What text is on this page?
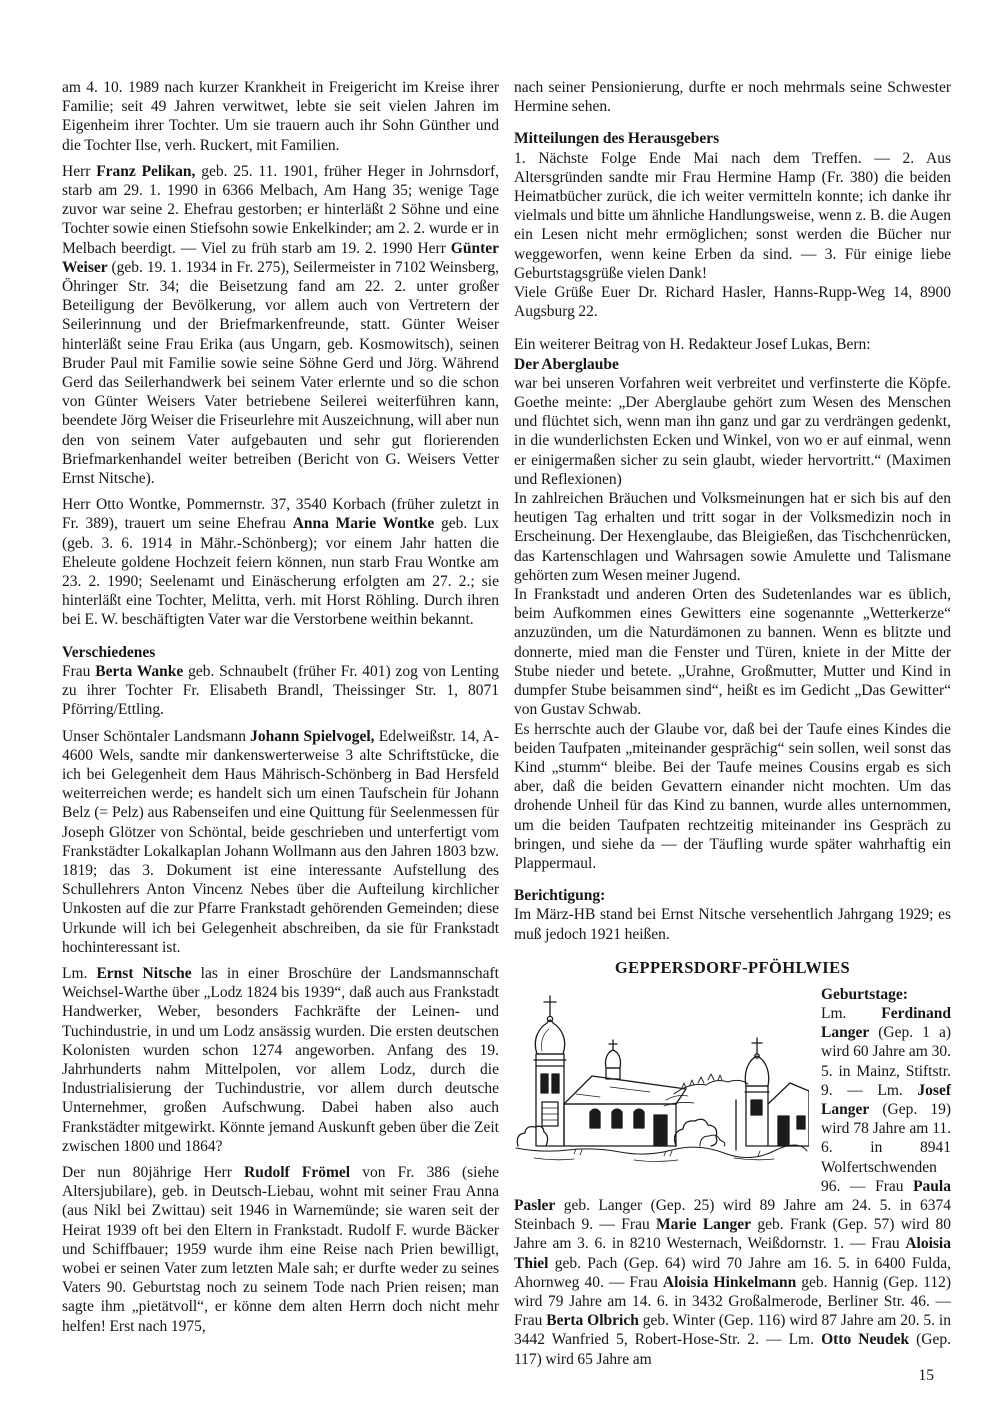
am 4. 10. 1989 nach kurzer Krankheit in Freigericht im Kreise ihrer Familie; seit 49 Jahren verwitwet, lebte sie seit vielen Jahren im Eigenheim ihrer Tochter. Um sie trauern auch ihr Sohn Günther und die Tochter Ilse, verh. Ruckert, mit Familien.

Herr Franz Pelikan, geb. 25. 11. 1901, früher Heger in Johrnsdorf, starb am 29. 1. 1990 in 6366 Melbach, Am Hang 35; wenige Tage zuvor war seine 2. Ehefrau gestorben; er hinterläßt 2 Söhne und eine Tochter sowie einen Stiefsohn sowie Enkelkinder; am 2. 2. wurde er in Melbach beerdigt. — Viel zu früh starb am 19. 2. 1990 Herr Günter Weiser (geb. 19. 1. 1934 in Fr. 275), Seilermeister in 7102 Weinsberg, Öhringer Str. 34; die Beisetzung fand am 22. 2. unter großer Beteiligung der Bevölkerung, vor allem auch von Vertretern der Seilerinnung und der Briefmarkenfreunde, statt. Günter Weiser hinterläßt seine Frau Erika (aus Ungarn, geb. Kosmowitsch), seinen Bruder Paul mit Familie sowie seine Söhne Gerd und Jörg. Während Gerd das Seilerhandwerk bei seinem Vater erlernte und so die schon von Günter Weisers Vater betriebene Seilerei weiterführen kann, beendete Jörg Weiser die Friseurlehre mit Auszeichnung, will aber nun den von seinem Vater aufgebauten und sehr gut florierenden Briefmarkenhandel weiter betreiben (Bericht von G. Weisers Vetter Ernst Nitsche).

Herr Otto Wontke, Pommernstr. 37, 3540 Korbach (früher zuletzt in Fr. 389), trauert um seine Ehefrau Anna Marie Wontke geb. Lux (geb. 3. 6. 1914 in Mähr.-Schönberg); vor einem Jahr hatten die Eheleute goldene Hochzeit feiern können, nun starb Frau Wontke am 23. 2. 1990; Seelenamt und Einäscherung erfolgten am 27. 2.; sie hinterläßt eine Tochter, Melitta, verh. mit Horst Röhling. Durch ihren bei E. W. beschäftigten Vater war die Verstorbene weithin bekannt.

Verschiedenes

Frau Berta Wanke geb. Schnaubelt (früher Fr. 401) zog von Lenting zu ihrer Tochter Fr. Elisabeth Brandl, Theissinger Str. 1, 8071 Pförring/Ettling.

Unser Schöntaler Landsmann Johann Spielvogel, Edelweißstr. 14, A-4600 Wels, sandte mir dankenswerterweise 3 alte Schriftstücke, die ich bei Gelegenheit dem Haus Mährisch-Schönberg in Bad Hersfeld weiterreichen werde; es handelt sich um einen Taufschein für Johann Belz (= Pelz) aus Rabenseifen und eine Quittung für Seelenmessen für Joseph Glötzer von Schöntal, beide geschrieben und unterfertigt vom Frankstädter Lokalkaplan Johann Wollmann aus den Jahren 1803 bzw. 1819; das 3. Dokument ist eine interessante Aufstellung des Schullehrers Anton Vincenz Nebes über die Aufteilung kirchlicher Unkosten auf die zur Pfarre Frankstadt gehörenden Gemeinden; diese Urkunde will ich bei Gelegenheit abschreiben, da sie für Frankstadt hochinteressant ist.

Lm. Ernst Nitsche las in einer Broschüre der Landsmannschaft Weichsel-Warthe über „Lodz 1824 bis 1939“, daß auch aus Frankstadt Handwerker, Weber, besonders Fachkräfte der Leinen- und Tuchindustrie, in und um Lodz ansässig wurden. Die ersten deutschen Kolonisten wurden schon 1274 angeworben. Anfang des 19. Jahrhunderts nahm Mittelpolen, vor allem Lodz, durch die Industrialisierung der Tuchindustrie, vor allem durch deutsche Unternehmer, großen Aufschwung. Dabei haben also auch Frankstädter mitgewirkt. Könnte jemand Auskunft geben über die Zeit zwischen 1800 und 1864?

Der nun 80jährige Herr Rudolf Frömel von Fr. 386 (siehe Altersjubilare), geb. in Deutsch-Liebau, wohnt mit seiner Frau Anna (aus Nikl bei Zwittau) seit 1946 in Warnemünde; sie waren seit der Heirat 1939 oft bei den Eltern in Frankstadt. Rudolf F. wurde Bäcker und Schiffbauer; 1959 wurde ihm eine Reise nach Prien bewilligt, wobei er seinen Vater zum letzten Male sah; er durfte weder zu seines Vaters 90. Geburtstag noch zu seinem Tode nach Prien reisen; man sagte ihm „pietätvoll“, er könne dem alten Herrn doch nicht mehr helfen! Erst nach 1975,

nach seiner Pensionierung, durfte er noch mehrmals seine Schwester Hermine sehen.

Mitteilungen des Herausgebers

1. Nächste Folge Ende Mai nach dem Treffen. — 2. Aus Altersgründen sandte mir Frau Hermine Hamp (Fr. 380) die beiden Heimatbücher zurück, die ich weiter vermitteln konnte; ich danke ihr vielmals und bitte um ähnliche Handlungsweise, wenn z. B. die Augen ein Lesen nicht mehr ermöglichen; sonst werden die Bücher nur weggeworfen, wenn keine Erben da sind. — 3. Für einige liebe Geburtstagsgrüße vielen Dank!

Viele Grüße Euer Dr. Richard Hasler, Hanns-Rupp-Weg 14, 8900 Augsburg 22.

Ein weiterer Beitrag von H. Redakteur Josef Lukas, Bern:

Der Aberglaube

war bei unseren Vorfahren weit verbreitet und verfinsterte die Köpfe. Goethe meinte: „Der Aberglaube gehört zum Wesen des Menschen und flüchtet sich, wenn man ihn ganz und gar zu verdrängen gedenkt, in die wunderlichsten Ecken und Winkel, von wo er auf einmal, wenn er einigermaßen sicher zu sein glaubt, wieder hervortritt.“ (Maximen und Reflexionen)

In zahlreichen Bräuchen und Volksmeinungen hat er sich bis auf den heutigen Tag erhalten und tritt sogar in der Volksmedizin noch in Erscheinung. Der Hexenglaube, das Bleigießen, das Tischchenrücken, das Kartenschlagen und Wahrsagen sowie Amulette und Talismane gehörten zum Wesen meiner Jugend.

In Frankstadt und anderen Orten des Sudetenlandes war es üblich, beim Aufkommen eines Gewitters eine sogenannte „Wetterkerze“ anzuzünden, um die Naturdämonen zu bannen. Wenn es blitzte und donnerte, mied man die Fenster und Türen, kniete in der Mitte der Stube nieder und betete. „Urahne, Großmutter, Mutter und Kind in dumpfer Stube beisammen sind“, heißt es im Gedicht „Das Gewitter“ von Gustav Schwab.

Es herrschte auch der Glaube vor, daß bei der Taufe eines Kindes die beiden Taufpaten „miteinander gesprächig“ sein sollen, weil sonst das Kind „stumm“ bleibe. Bei der Taufe meines Cousins ergab es sich aber, daß die beiden Gevattern einander nicht mochten. Um das drohende Unheil für das Kind zu bannen, wurde alles unternommen, um die beiden Taufpaten rechtzeitig miteinander ins Gespräch zu bringen, und siehe da — der Täufling wurde später wahrhaftig ein Plappermaul.

Berichtigung:

Im März-HB stand bei Ernst Nitsche versehentlich Jahrgang 1929; es muß jedoch 1921 heißen.

GEPPERSDORF-PFÖHLWIES

Geburtstage:
Lm. Ferdinand Langer (Gep. 1 a) wird 60 Jahre am 30. 5. in Mainz, Stiftstr. 9. — Lm. Josef Langer (Gep. 19) wird 78 Jahre am 11. 6. in 8941 Wolfertschwenden 96. — Frau Paula Pasler geb. Langer (Gep. 25) wird 89 Jahre am 24. 5. in 6374 Steinbach 9. — Frau Marie Langer geb. Frank (Gep. 57) wird 80 Jahre am 3. 6. in 8210 Westernach, Weißdornstr. 1. — Frau Aloisia Thiel geb. Pach (Gep. 64) wird 70 Jahre am 16. 5. in 6400 Fulda, Ahornweg 40. — Frau Aloisia Hinkelmann geb. Hannig (Gep. 112) wird 79 Jahre am 14. 6. in 3432 Großalmerode, Berliner Str. 46. — Frau Berta Olbrich geb. Winter (Gep. 116) wird 87 Jahre am 20. 5. in 3442 Wanfried 5, Robert-Hose-Str. 2. — Lm. Otto Neudek (Gep. 117) wird 65 Jahre am

15
